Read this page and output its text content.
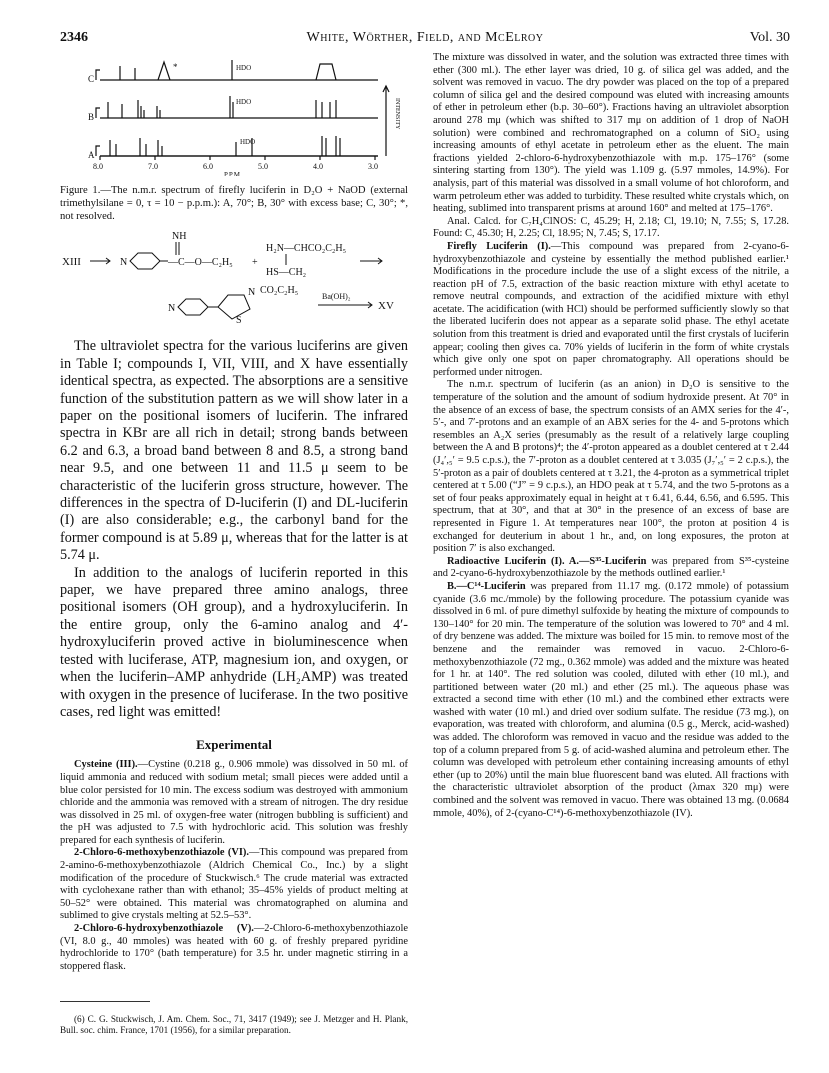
2346	White, Wörther, Field, and McElroy	Vol. 30
C
B
A
*	HDO
HDO
HDO
8.0	7.0	6.0	5.0	4.0	3.0
P.P.M.
INTENSITY

Figure 1.—The n.m.r. spectrum of firefly luciferin in D₂O + NaOD (external trimethylsilane = 0, τ = 10 − p.p.m.): A, 70°; B, 30° with excess base; C, 30°; *, not resolved.

XIII
NH
N	—C—O—C₂H₅ +
H₂N—CHCO₂C₂H₅
HS—CH₂
N
N CO₂C₂H₅
S
Ba(OH)₂
XV

The ultraviolet spectra for the various luciferins are given in Table I; compounds I, VII, VIII, and X have essentially identical spectra, as expected. The absorptions are a sensitive function of the substitution pattern as we will show later in a paper on the positional isomers of luciferin. The infrared spectra in KBr are all rich in detail; strong bands between 6.2 and 6.3, a broad band between 8 and 8.5, a strong band near 9.5, and one between 11 and 11.5 μ seem to be characteristic of the luciferin gross structure, however. The differences in the spectra of D-luciferin (I) and DL-luciferin (I) are also considerable; e.g., the carbonyl band for the former compound is at 5.89 μ, whereas that for the latter is at 5.74 μ.

In addition to the analogs of luciferin reported in this paper, we have prepared three amino analogs, three positional isomers (OH group), and a hydroxyluciferin. In the entire group, only the 6-amino analog and 4′-hydroxyluciferin proved active in bioluminescence when tested with luciferase, ATP, magnesium ion, and oxygen, or when the luciferin–AMP anhydride (LH₂AMP) was treated with oxygen in the presence of luciferase. In the two positive cases, red light was emitted!

Experimental

Cysteine (III).—Cystine (0.218 g., 0.906 mmole) was dissolved in 50 ml. of liquid ammonia and reduced with sodium metal; small pieces were added until a blue color persisted for 10 min. The excess sodium was destroyed with ammonium chloride and the ammonia was removed with a stream of nitrogen. The dry residue was dissolved in 25 ml. of oxygen-free water (nitrogen bubbling is sufficient) and the pH was adjusted to 7.5 with hydrochloric acid. This solution was freshly prepared for each synthesis of luciferin.

2-Chloro-6-methoxybenzothiazole (VI).—This compound was prepared from 2-amino-6-methoxybenzothiazole (Aldrich Chemical Co., Inc.) by a slight modification of the procedure of Stuckwisch.⁶ The crude material was extracted with cyclohexane rather than with ethanol; 35–45% yields of product melting at 50–52° were obtained. This material was chromatographed on alumina and sublimed to give crystals melting at 52.5–53°.

2-Chloro-6-hydroxybenzothiazole (V).—2-Chloro-6-methoxybenzothiazole (VI, 8.0 g., 40 mmoles) was heated with 60 g. of freshly prepared pyridine hydrochloride to 170° (bath temperature) for 3.5 hr. under magnetic stirring in a stoppered flask.

(6) C. G. Stuckwisch, J. Am. Chem. Soc., 71, 3417 (1949); see J. Metzger and H. Plank, Bull. soc. chim. France, 1701 (1956), for a similar preparation.

The mixture was dissolved in water, and the solution was extracted three times with ether (300 ml.). The ether layer was dried, 10 g. of silica gel was added, and the solvent was removed in vacuo. The dry powder was placed on the top of a prepared column of silica gel and the desired compound was eluted with increasing amounts of ether in petroleum ether (b.p. 30–60°). Fractions having an ultraviolet absorption around 278 mμ (which was shifted to 317 mμ on addition of 1 drop of NaOH solution) were combined and rechromatographed on a column of SiO₂ using increasing amounts of ethyl acetate in petroleum ether as the eluent. The main fractions yielded 2-chloro-6-hydroxybenzothiazole with m.p. 175–176° (some sintering starting from 130°). The yield was 1.109 g. (5.97 mmoles, 14.9%). For analysis, part of this material was dissolved in a small volume of hot chloroform, and warm petroleum ether was added to turbidity. These resulted white crystals which, on heating, sublimed into transparent prisms at around 160° and melted at 175–176°.

Anal. Calcd. for C₇H₄ClNOS: C, 45.29; H, 2.18; Cl, 19.10; N, 7.55; S, 17.28. Found: C, 45.30; H, 2.25; Cl, 18.95; N, 7.45; S, 17.17.

Firefly Luciferin (I).—This compound was prepared from 2-cyano-6-hydroxybenzothiazole and cysteine by essentially the method published earlier.¹ Modifications in the procedure include the use of a slight excess of the nitrile, a reaction pH of 7.5, extraction of the basic reaction mixture with ethyl acetate to remove neutral compounds, and extraction of the acidified mixture with ethyl acetate. The acidification (with HCl) should be performed sufficiently slowly so that the liberated luciferin does not appear as a separate solid phase. The ethyl acetate solution from this treatment is dried and evaporated until the first crystals of luciferin appear; cooling then gives ca. 70% yields of luciferin in the form of white crystals which give only one spot on paper chromatography. All operations should be performed under nitrogen.

The n.m.r. spectrum of luciferin (as an anion) in D₂O is sensitive to the temperature of the solution and the amount of sodium hydroxide present. At 70° in the absence of an excess of base, the spectrum consists of an AMX series for the 4′-, 5′-, and 7′-protons and an example of an ABX series for the 4- and 5-protons which resembles an A₂X series (presumably as the result of a relatively large coupling between the A and B protons)⁴; the 4′-proton appeared as a doublet centered at τ 2.44 (J₄′,₅′ = 9.5 c.p.s.), the 7′-proton as a doublet centered at τ 3.035 (J₇′,₅′ = 2 c.p.s.), the 5′-proton as a pair of doublets centered at τ 3.21, the 4-proton as a symmetrical triplet centered at τ 5.00 (“J” = 9 c.p.s.), an HDO peak at τ 5.74, and the two 5-protons as a set of four peaks approximately equal in height at τ 6.41, 6.44, 6.56, and 6.595. This spectrum, that at 30°, and that at 30° in the presence of an excess of base are represented in Figure 1. At temperatures near 100°, the proton at position 4 is exchanged for deuterium in about 1 hr., and, on long exposures, the proton at position 7′ is also exchanged.

Radioactive Luciferin (I). A.—S³⁵-Luciferin was prepared from S³⁵-cysteine and 2-cyano-6-hydroxybenzothiazole by the methods outlined earlier.¹

B.—C¹⁴-Luciferin was prepared from 11.17 mg. (0.172 mmole) of potassium cyanide (3.6 mc./mmole) by the following procedure. The potassium cyanide was dissolved in 6 ml. of pure dimethyl sulfoxide by heating the mixture of compounds to 130–140° for 20 min. The temperature of the solution was lowered to 70° and 4 ml. of dry benzene was added. The mixture was boiled for 15 min. to remove most of the benzene and the remainder was removed in vacuo. 2-Chloro-6-methoxybenzothiazole (72 mg., 0.362 mmole) was added and the mixture was heated for 1 hr. at 140°. The red solution was cooled, diluted with ether (10 ml.), and partitioned between water (20 ml.) and ether (25 ml.). The aqueous phase was extracted a second time with ether (10 ml.) and the combined ether extracts were washed with water (10 ml.) and dried over sodium sulfate. The residue (73 mg.), on evaporation, was treated with chloroform, and alumina (0.5 g., Merck, acid-washed) was added. The chloroform was removed in vacuo and the residue was added to the top of a column prepared from 5 g. of acid-washed alumina and petroleum ether. The column was developed with petroleum ether containing increasing amounts of ethyl ether (up to 20%) until the main blue fluorescent band was eluted. All fractions with the characteristic ultraviolet absorption of the product (λmax 320 mμ) were combined and the solvent was removed in vacuo. There was obtained 13 mg. (0.0684 mmole, 40%), of 2-(cyano-C¹⁴)-6-methoxybenzothiazole (IV).
